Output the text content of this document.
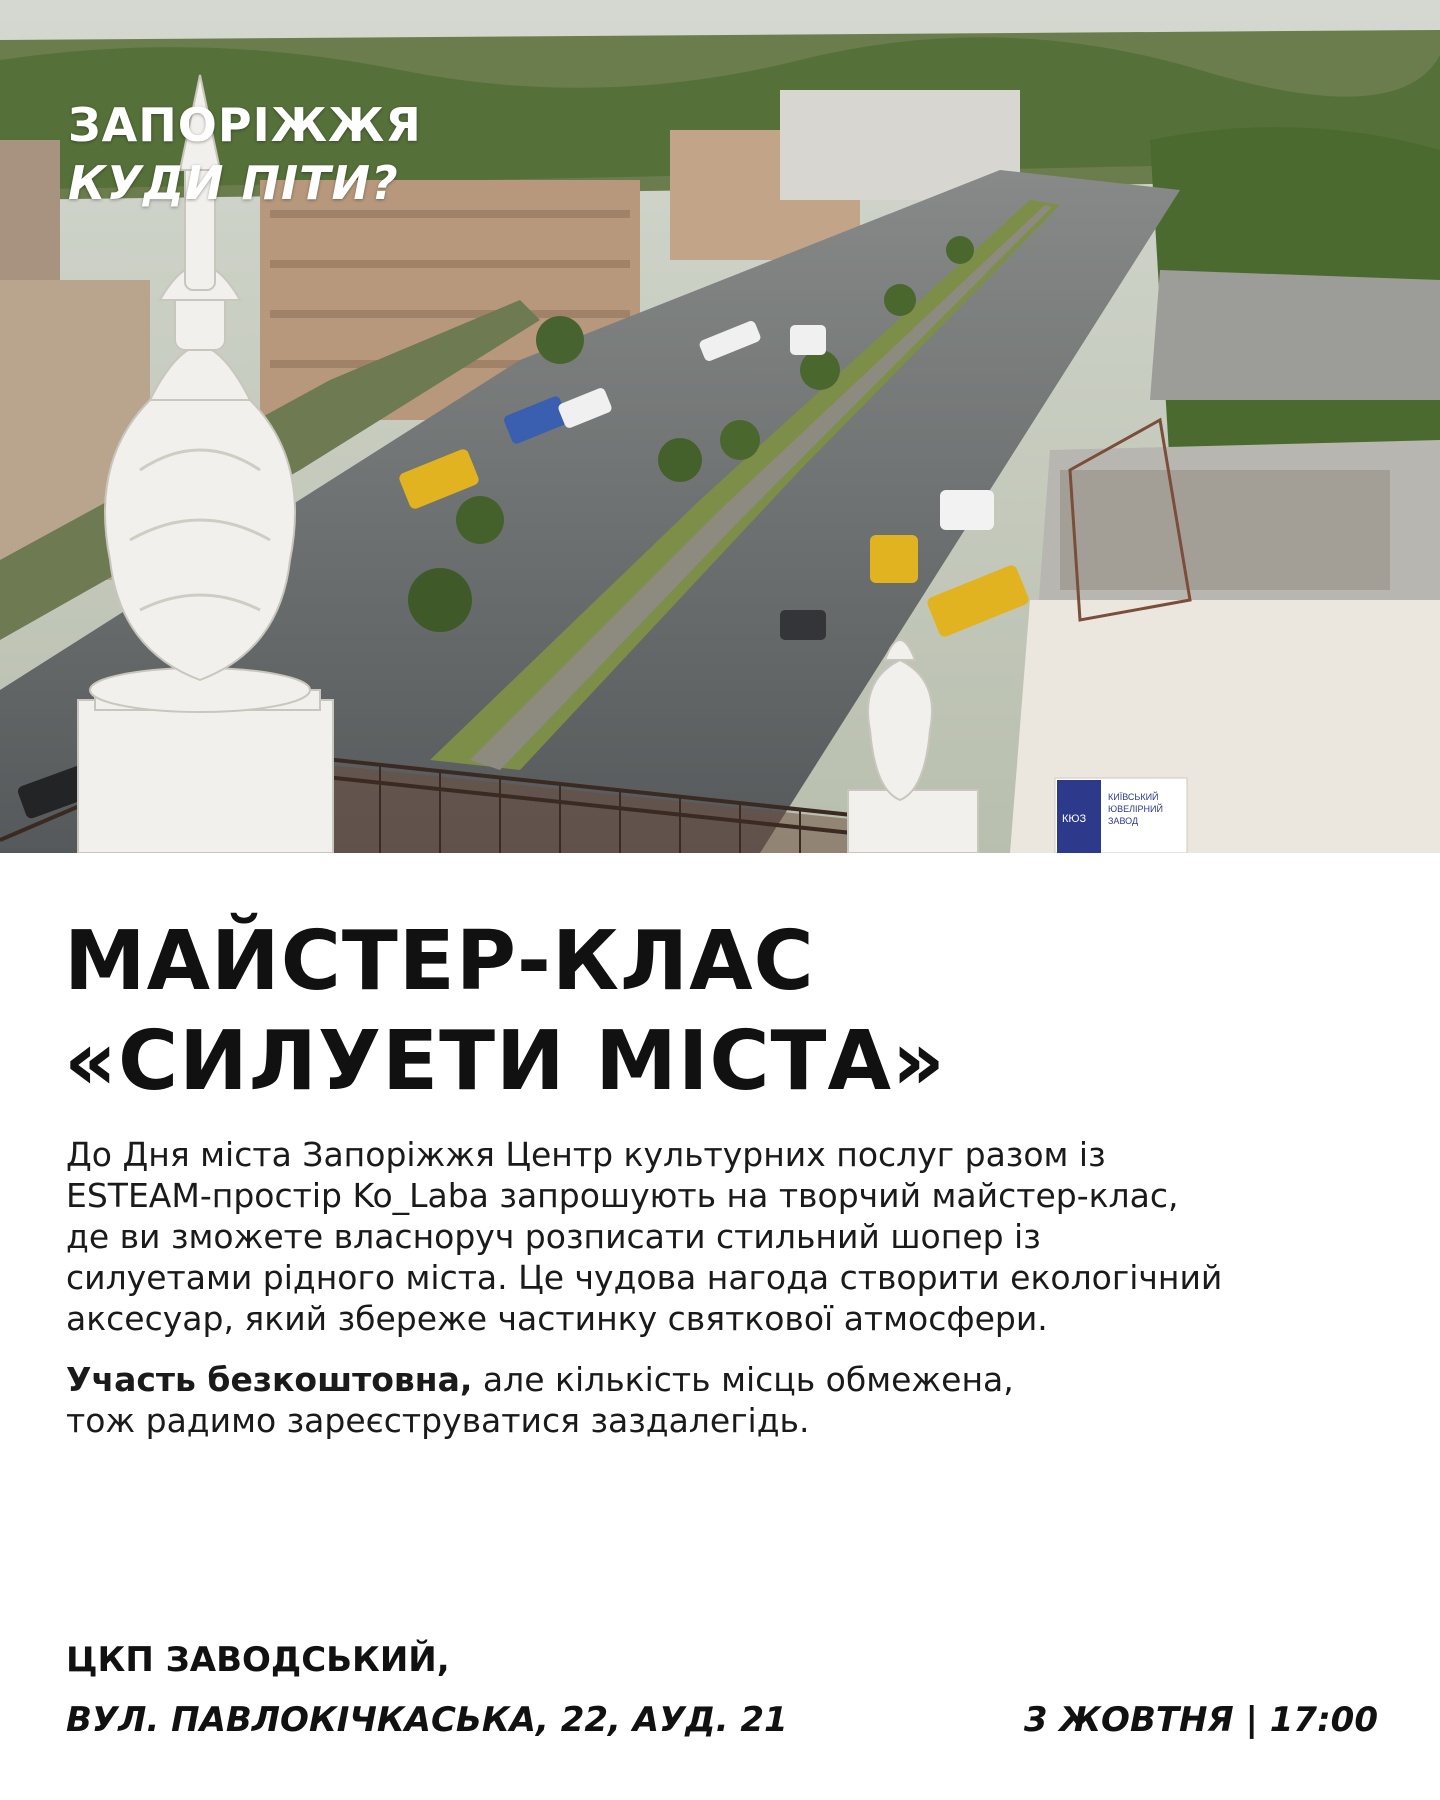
КЮЗ
КИЇВСЬКИЙ
ЮВЕЛІРНИЙ
ЗАВОД
ЗАПОРІЖЖЯ
КУДИ ПІТИ?
МАЙСТЕР-КЛАС
«СИЛУЕТИ МІСТА»

До Дня міста Запоріжжя Центр культурних послуг разом із
ESTEAM-простір Ko_Laba запрошують на творчий майстер-клас,
де ви зможете власноруч розписати стильний шопер із
силуетами рідного міста. Це чудова нагода створити екологічний
аксесуар, який збереже частинку святкової атмосфери.

Участь безкоштовна, але кількість місць обмежена,
тож радимо зареєструватися заздалегідь.

ЦКП ЗАВОДСЬКИЙ,
ВУЛ. ПАВЛОКІЧКАСЬКА, 22, АУД. 21	3 ЖОВТНЯ | 17:00
